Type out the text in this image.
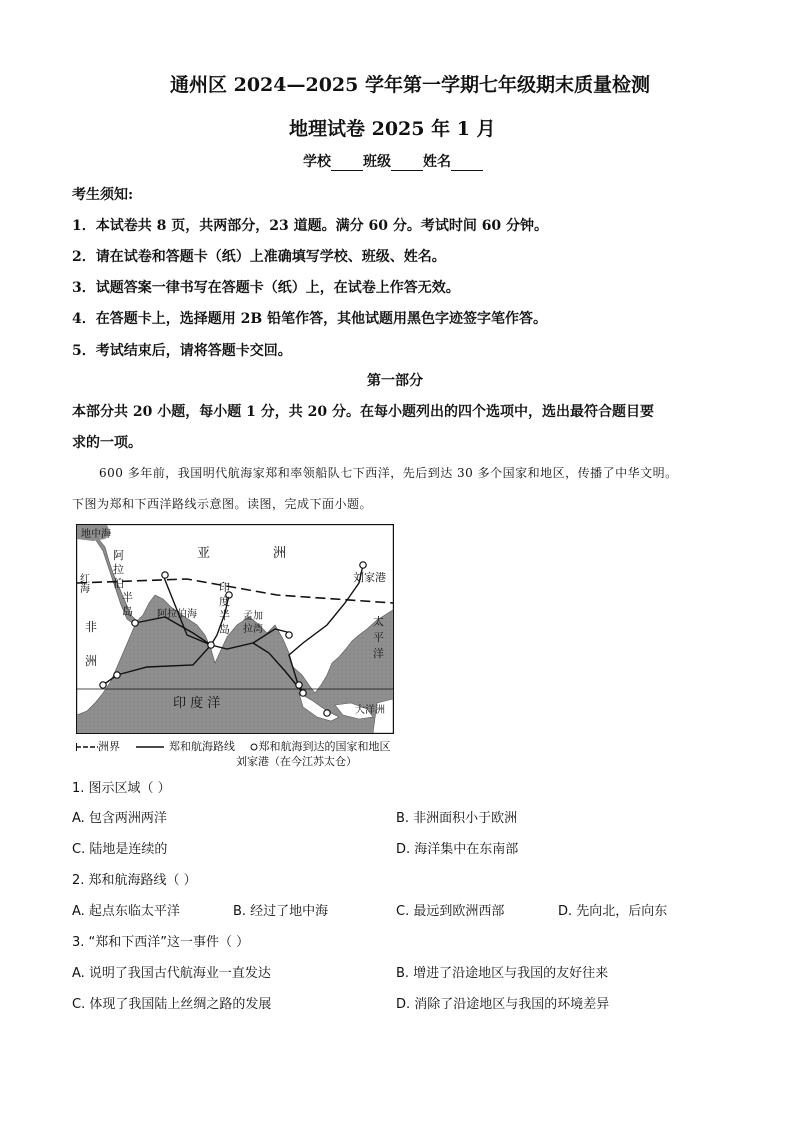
通州区 2024—2025 学年第一学期七年级期末质量检测
地理试卷 2025 年 1 月
学校 班级 姓名
考生须知:
1．本试卷共 8 页，共两部分，23 道题。满分 60 分。考试时间 60 分钟。
2．请在试卷和答题卡（纸）上准确填写学校、班级、姓名。
3．试题答案一律书写在答题卡（纸）上，在试卷上作答无效。
4．在答题卡上，选择题用 2B 铅笔作答，其他试题用黑色字迹签字笔作答。
5．考试结束后，请将答题卡交回。
第一部分
本部分共 20 小题，每小题 1 分，共 20 分。在每小题列出的四个选项中，选出最符合题目要
求的一项。
600 多年前，我国明代航海家郑和率领船队七下西洋，先后到达 30 多个国家和地区，传播了中华文明。
下图为郑和下西洋路线示意图。读图，完成下面小题。
地中海
红海
阿 拉 伯 半 岛
亚	洲
刘家港
阿拉伯海
印 度 半 岛
孟加 拉湾
太 平 洋
非 洲
印 度 洋	大洋洲
洲界	郑和航海路线 郑和航海到达的国家和地区
刘家港（在今江苏太仓）
1. 图示区域（ ）
A. 包含两洲两洋	B. 非洲面积小于欧洲
C. 陆地是连续的	D. 海洋集中在东南部
2. 郑和航海路线（ ）
A. 起点东临太平洋	B. 经过了地中海	C. 最远到欧洲西部	D. 先向北，后向东
3. “郑和下西洋”这一事件（ ）
A. 说明了我国古代航海业一直发达	B. 增进了沿途地区与我国的友好往来
C. 体现了我国陆上丝绸之路的发展	D. 消除了沿途地区与我国的环境差异
